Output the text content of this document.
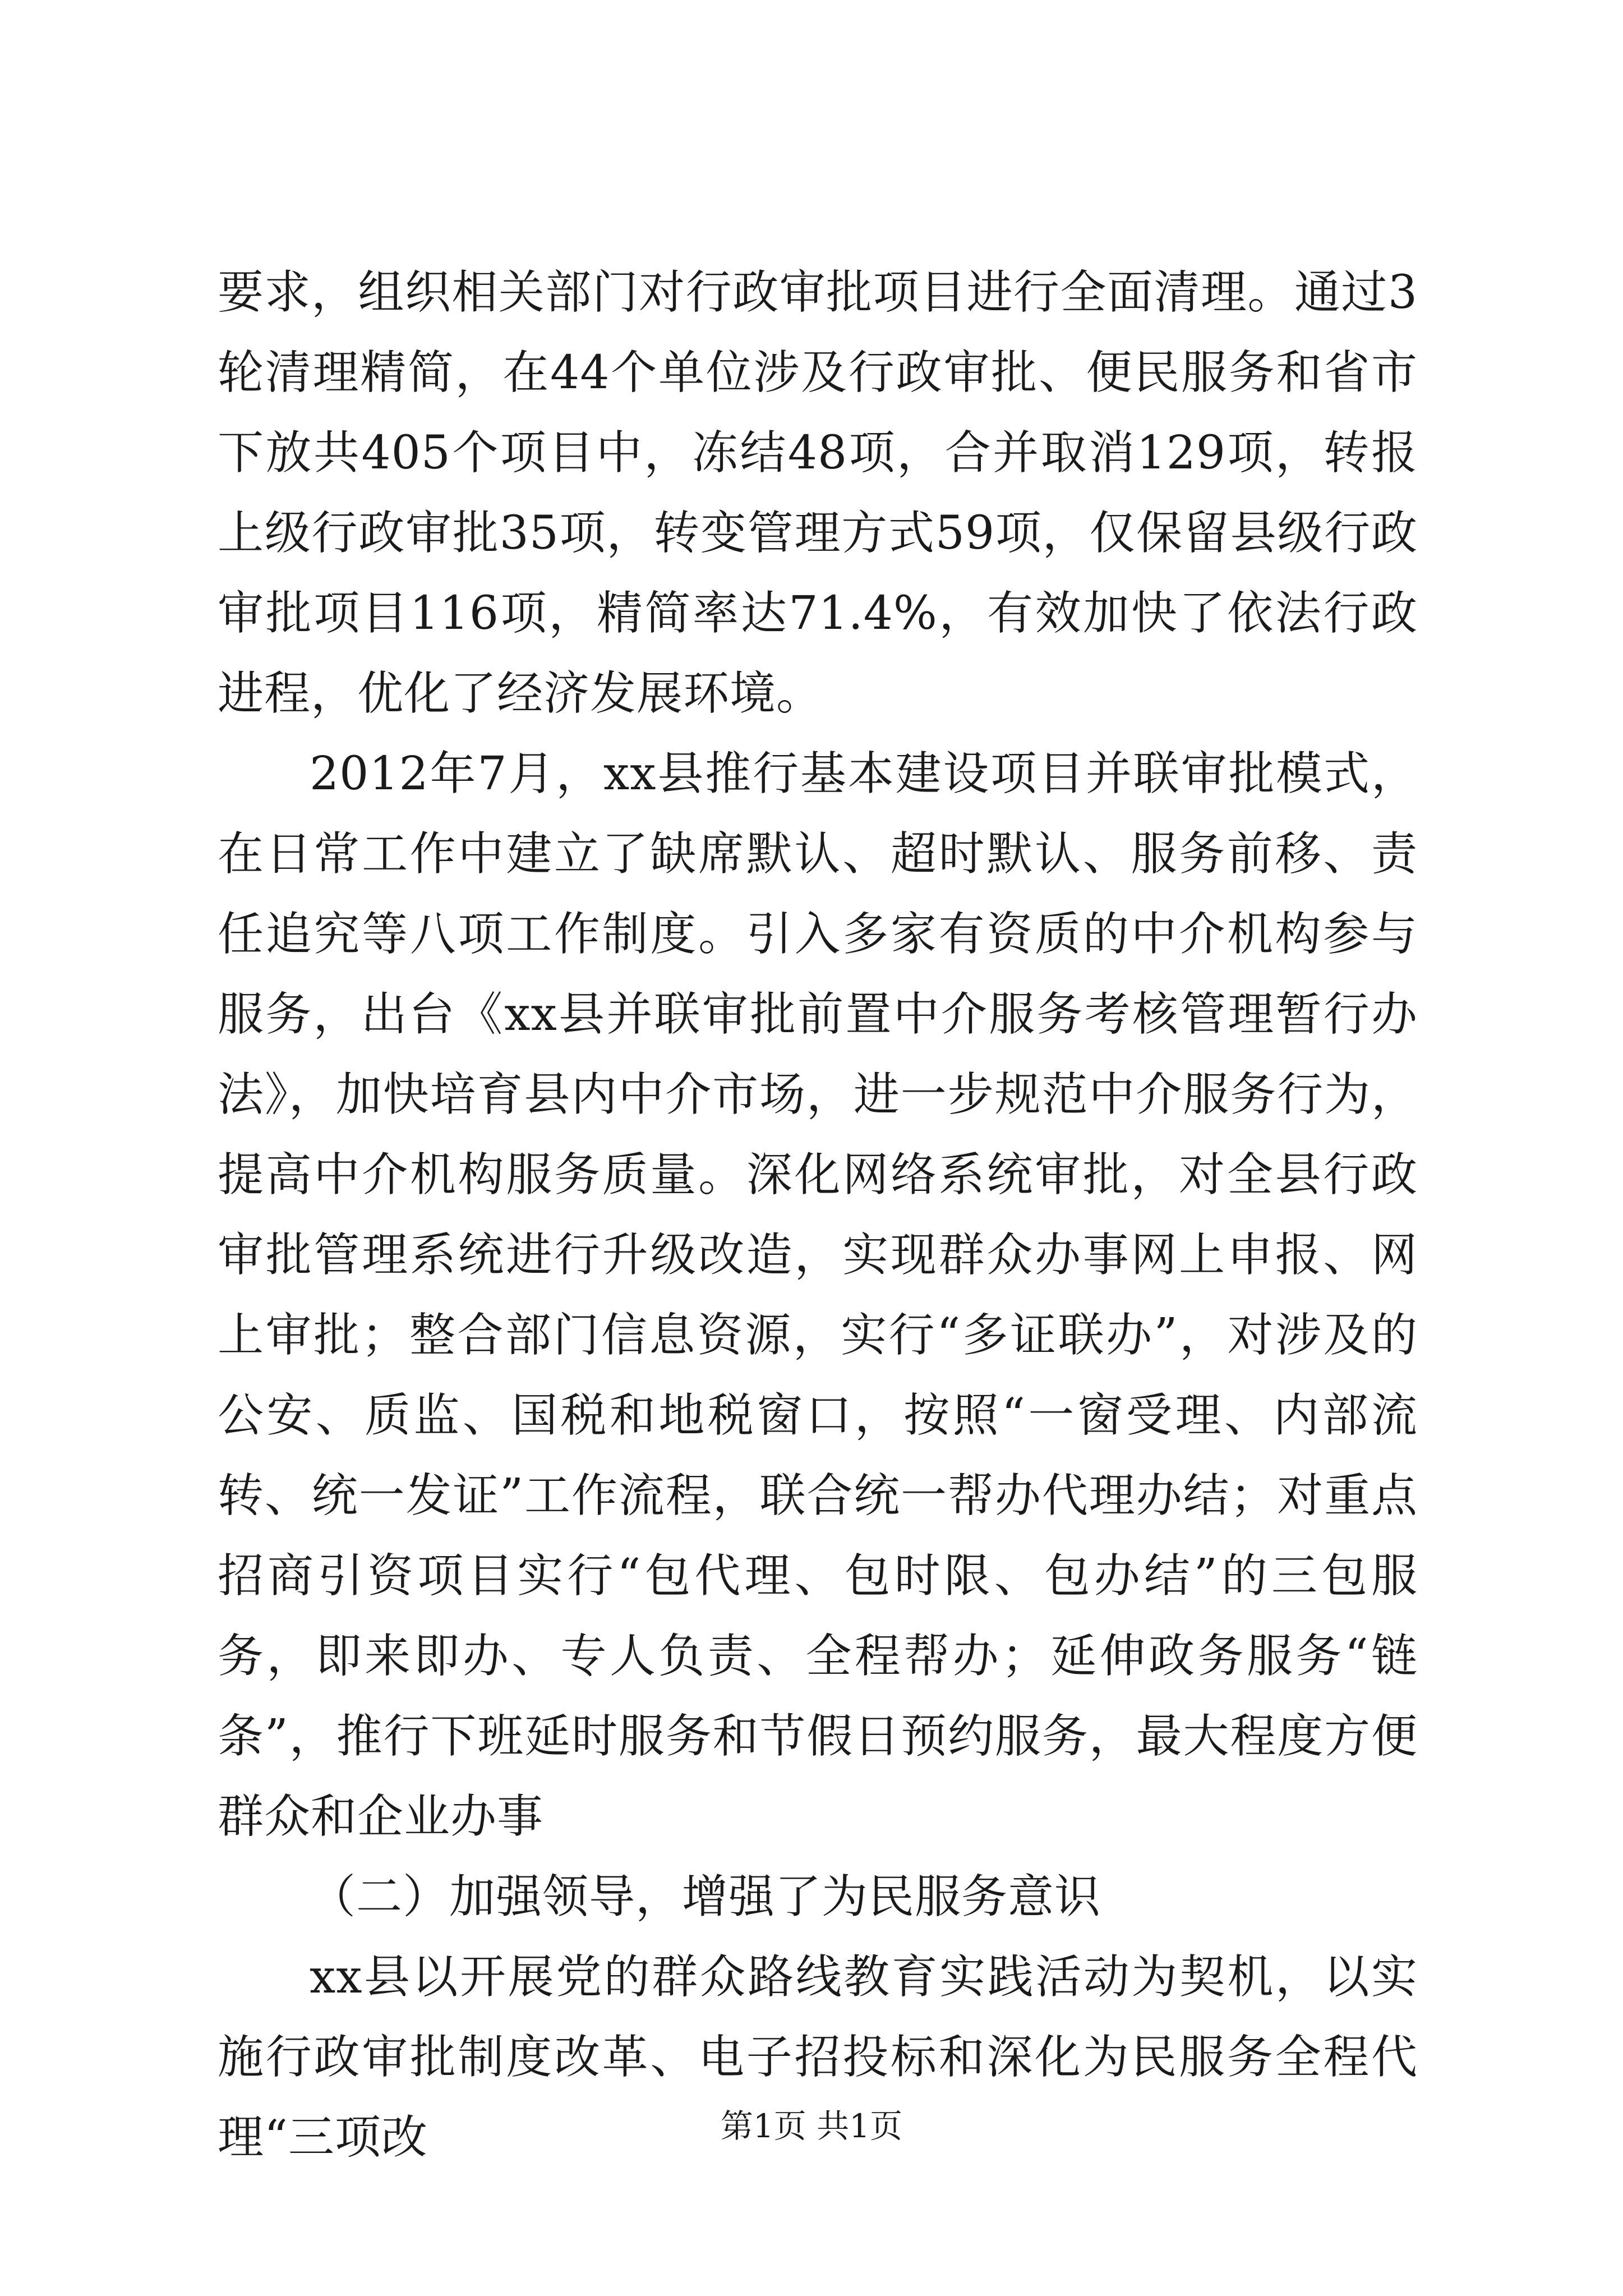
要求，组织相关部门对行政审批项目进行全面清理。通过3轮清理精简，在44个单位涉及行政审批、便民服务和省市下放共405个项目中，冻结48项，合并取消129项，转报上级行政审批35项，转变管理方式59项，仅保留县级行政审批项目116项，精简率达71.4%，有效加快了依法行政进程，优化了经济发展环境。

2012年7月，xx县推行基本建设项目并联审批模式，在日常工作中建立了缺席默认、超时默认、服务前移、责任追究等八项工作制度。引入多家有资质的中介机构参与服务，出台《xx县并联审批前置中介服务考核管理暂行办法》，加快培育县内中介市场，进一步规范中介服务行为，提高中介机构服务质量。深化网络系统审批，对全县行政审批管理系统进行升级改造，实现群众办事网上申报、网上审批；整合部门信息资源，实行“多证联办”，对涉及的公安、质监、国税和地税窗口，按照“一窗受理、内部流转、统一发证”工作流程，联合统一帮办代理办结；对重点招商引资项目实行“包代理、包时限、包办结”的三包服务，即来即办、专人负责、全程帮办；延伸政务服务“链条”，推行下班延时服务和节假日预约服务，最大程度方便群众和企业办事

（二）加强领导，增强了为民服务意识

xx县以开展党的群众路线教育实践活动为契机，以实施行政审批制度改革、电子招投标和深化为民服务全程代理“三项改	第1页 共1页
